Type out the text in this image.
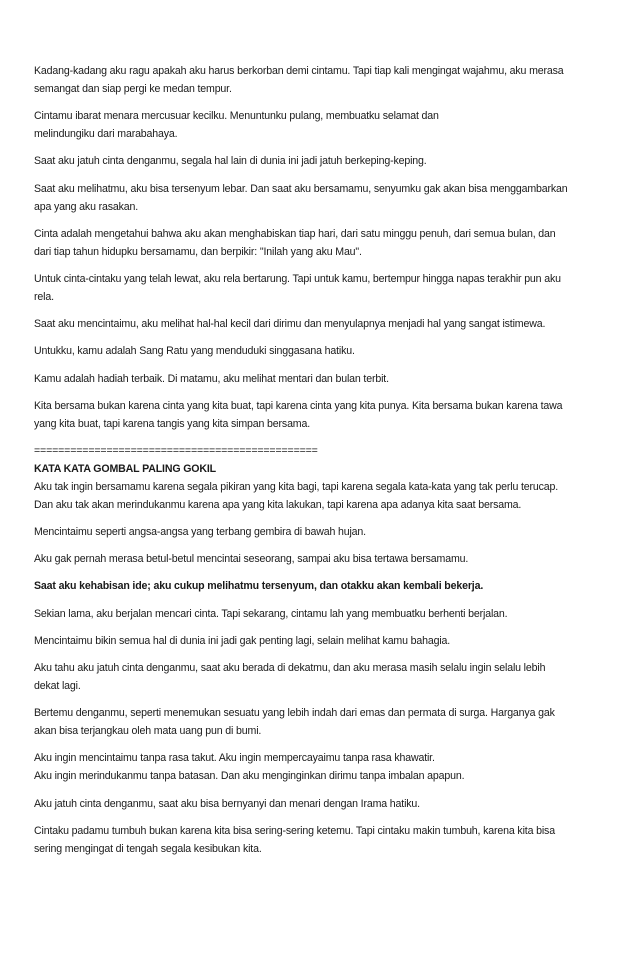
Kadang-kadang aku ragu apakah aku harus berkorban demi cintamu. Tapi tiap kali mengingat wajahmu, aku merasa
semangat dan siap pergi ke medan tempur.

Cintamu ibarat menara mercusuar kecilku. Menuntunku pulang, membuatku selamat dan
melindungiku dari marabahaya.

Saat aku jatuh cinta denganmu, segala hal lain di dunia ini jadi jatuh berkeping-keping.

Saat aku melihatmu, aku bisa tersenyum lebar. Dan saat aku bersamamu, senyumku gak akan bisa menggambarkan
apa yang aku rasakan.

Cinta adalah mengetahui bahwa aku akan menghabiskan tiap hari, dari satu minggu penuh, dari semua bulan, dan
dari tiap tahun hidupku bersamamu, dan berpikir: "Inilah yang aku Mau".

Untuk cinta-cintaku yang telah lewat, aku rela bertarung. Tapi untuk kamu, bertempur hingga napas terakhir pun aku
rela.

Saat aku mencintaimu, aku melihat hal-hal kecil dari dirimu dan menyulapnya menjadi hal yang sangat istimewa.

Untukku, kamu adalah Sang Ratu yang menduduki singgasana hatiku.

Kamu adalah hadiah terbaik. Di matamu, aku melihat mentari dan bulan terbit.

Kita bersama bukan karena cinta yang kita buat, tapi karena cinta yang kita punya. Kita bersama bukan karena tawa
yang kita buat, tapi karena tangis yang kita simpan bersama.

===============================================
KATA KATA GOMBAL PALING GOKIL
Aku tak ingin bersamamu karena segala pikiran yang kita bagi, tapi karena segala kata-kata yang tak perlu terucap.
Dan aku tak akan merindukanmu karena apa yang kita lakukan, tapi karena apa adanya kita saat bersama.

Mencintaimu seperti angsa-angsa yang terbang gembira di bawah hujan.

Aku gak pernah merasa betul-betul mencintai seseorang, sampai aku bisa tertawa bersamamu.

Saat aku kehabisan ide; aku cukup melihatmu tersenyum, dan otakku akan kembali bekerja.

Sekian lama, aku berjalan mencari cinta. Tapi sekarang, cintamu lah yang membuatku berhenti berjalan.

Mencintaimu bikin semua hal di dunia ini jadi gak penting lagi, selain melihat kamu bahagia.

Aku tahu aku jatuh cinta denganmu, saat aku berada di dekatmu, dan aku merasa masih selalu ingin selalu lebih
dekat lagi.

Bertemu denganmu, seperti menemukan sesuatu yang lebih indah dari emas dan permata di surga. Harganya gak
akan bisa terjangkau oleh mata uang pun di bumi.

Aku ingin mencintaimu tanpa rasa takut. Aku ingin mempercayaimu tanpa rasa khawatir.
Aku ingin merindukanmu tanpa batasan. Dan aku menginginkan dirimu tanpa imbalan apapun.

Aku jatuh cinta denganmu, saat aku bisa bernyanyi dan menari dengan Irama hatiku.

Cintaku padamu tumbuh bukan karena kita bisa sering-sering ketemu. Tapi cintaku makin tumbuh, karena kita bisa
sering mengingat di tengah segala kesibukan kita.
